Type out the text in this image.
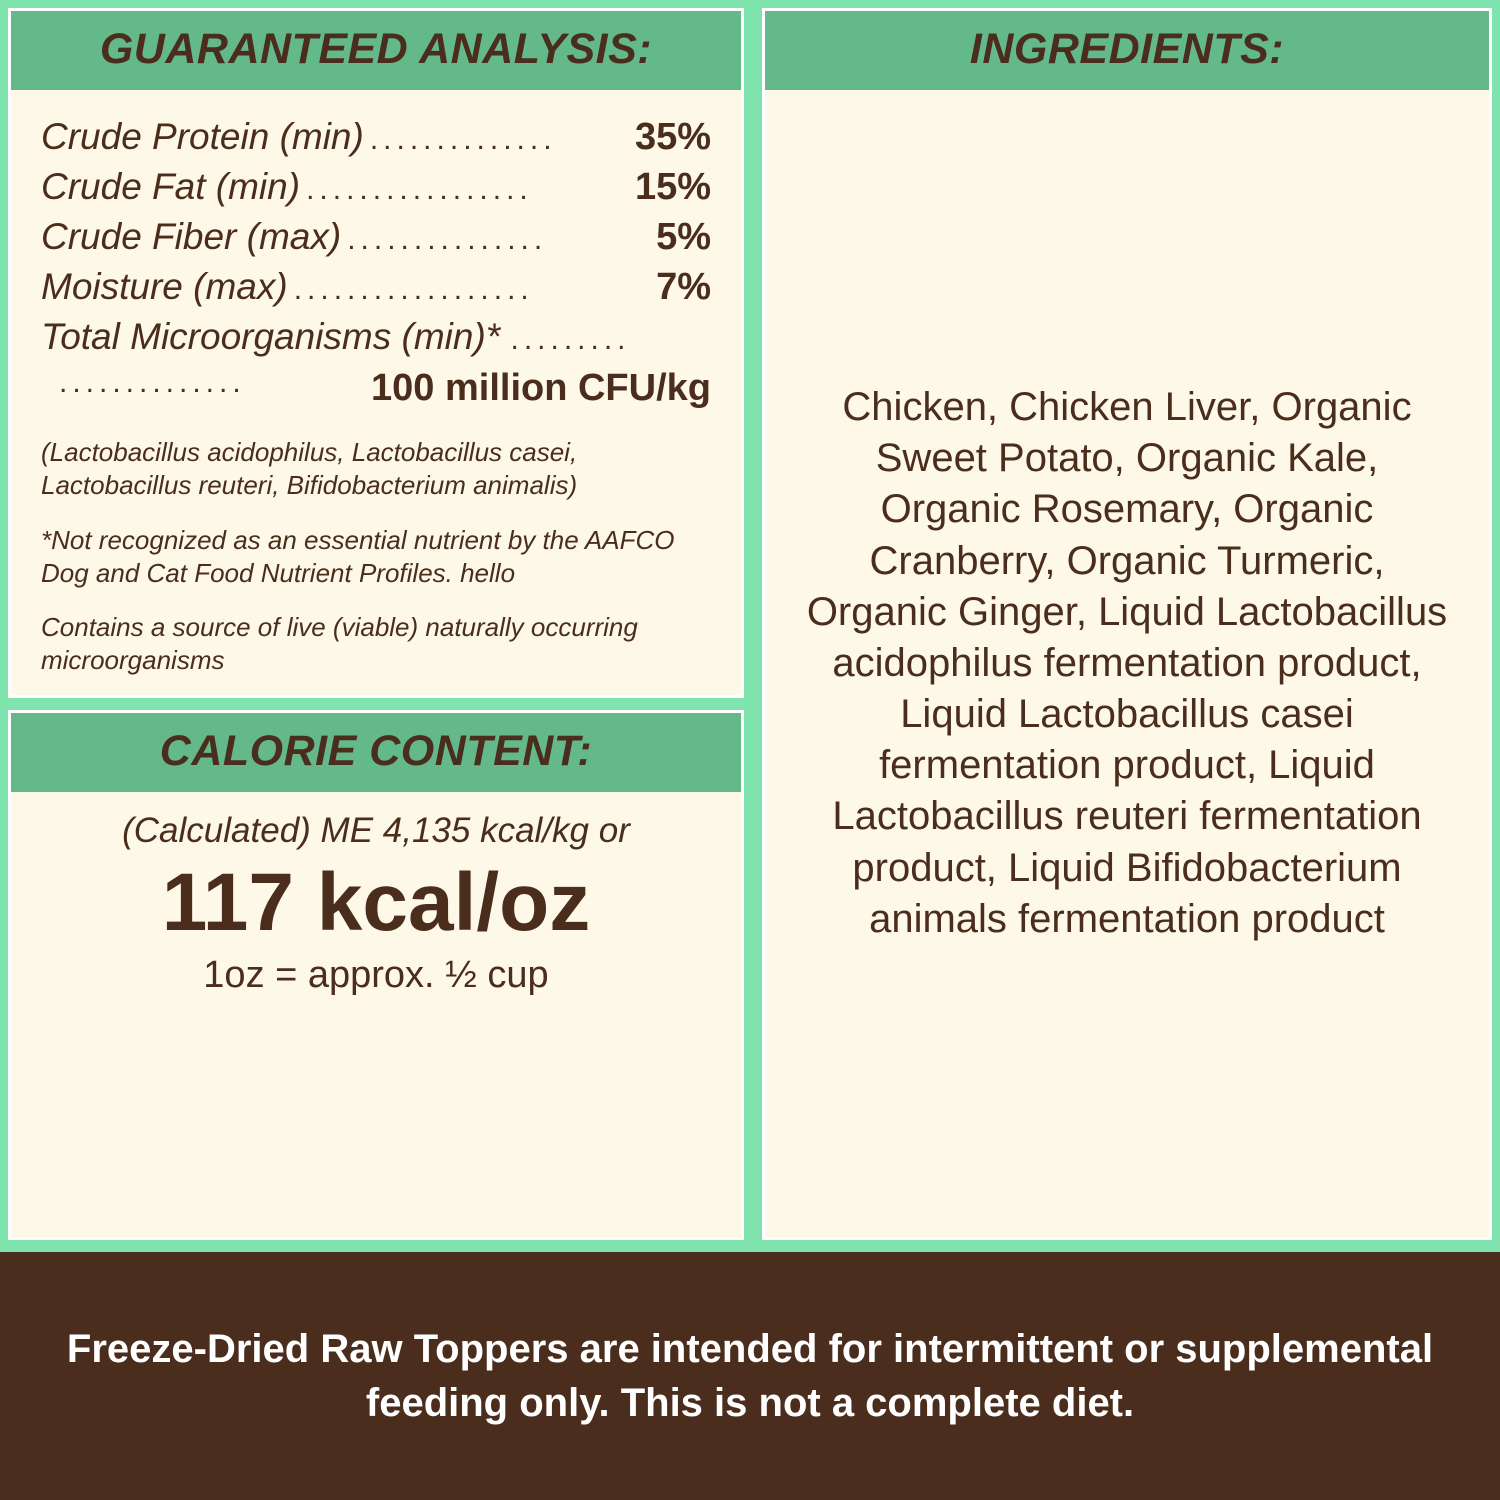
GUARANTEED ANALYSIS:
Crude Protein (min) ..............	35%
Crude Fat (min) .................	15%
Crude Fiber (max) ...............	5%
Moisture (max) ..................	7%
Total Microorganisms (min)* .........
..............	100 million CFU/kg
(Lactobacillus acidophilus, Lactobacillus casei, Lactobacillus reuteri, Bifidobacterium animalis)
*Not recognized as an essential nutrient by the AAFCO Dog and Cat Food Nutrient Profiles. hello
Contains a source of live (viable) naturally occurring microorganisms
CALORIE CONTENT:
(Calculated) ME 4,135 kcal/kg or
117 kcal/oz
1oz = approx. ½ cup
INGREDIENTS:
Chicken, Chicken Liver, Organic Sweet Potato, Organic Kale, Organic Rosemary, Organic Cranberry, Organic Turmeric, Organic Ginger, Liquid Lactobacillus acidophilus fermentation product, Liquid Lactobacillus casei fermentation product, Liquid Lactobacillus reuteri fermentation product, Liquid Bifidobacterium animals fermentation product
Freeze-Dried Raw Toppers are intended for intermittent or supplemental feeding only. This is not a complete diet.
